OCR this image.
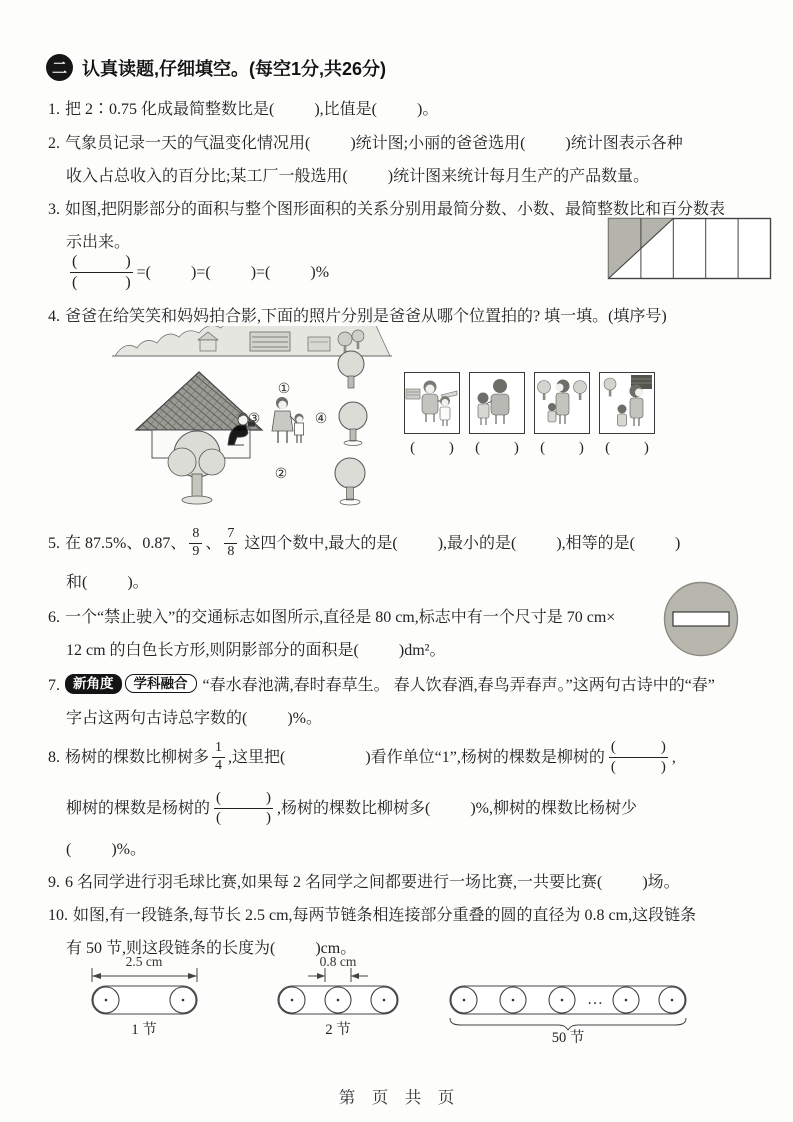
二 认真读题,仔细填空。(每空1分,共26分)
1. 把 2∶0.75 化成最简整数比是(          ),比值是(          )。
2. 气象员记录一天的气温变化情况用(          )统计图;小丽的爸爸选用(          )统计图表示各种
收入占总收入的百分比;某工厂一般选用(          )统计图来统计每月生产的产品数量。
3. 如图,把阴影部分的面积与整个图形面积的关系分别用最简分数、小数、最简整数比和百分数表
示出来。
(            )
(            )
=(          )=(          )=(          )%
4. 爸爸在给笑笑和妈妈拍合影,下面的照片分别是爸爸从哪个位置拍的? 填一填。(填序号)
①
②
③	④
(         )	(         )	(         )	(         )
5. 在 87.5%、0.87、 $\frac{8}{9}$ 、 $\frac{7}{8}$ 这四个数中,最大的是(          ),最小的是(          ),相等的是(          )
和(          )。
6. 一个“禁止驶入”的交通标志如图所示,直径是 80 cm,标志中有一个尺寸是 70 cm×
12 cm 的白色长方形,则阴影部分的面积是(          )dm²。
7. 新角度 学科融合 “春水春池满,春时春草生。 春人饮春酒,春鸟弄春声。”这两句古诗中的“春”
字占这两句古诗总字数的(          )%。
8. 杨树的棵数比柳树多 $\frac{1}{4}$ ,这里把(                    )看作单位“1”,杨树的棵数是柳树的
(            )
(            )
,
柳树的棵数是杨树的
(            )
(            )
,杨树的棵数比柳树多(          )%,柳树的棵数比杨树少
(          )%。
9. 6 名同学进行羽毛球比赛,如果每 2 名同学之间都要进行一场比赛,一共要比赛(          )场。
10. 如图,有一段链条,每节长 2.5 cm,每两节链条相连接部分重叠的圆的直径为 0.8 cm,这段链条
有 50 节,则这段链条的长度为(          )cm。
2.5 cm
1 节
0.8 cm
2 节
…
50 节
第　页　共　页
